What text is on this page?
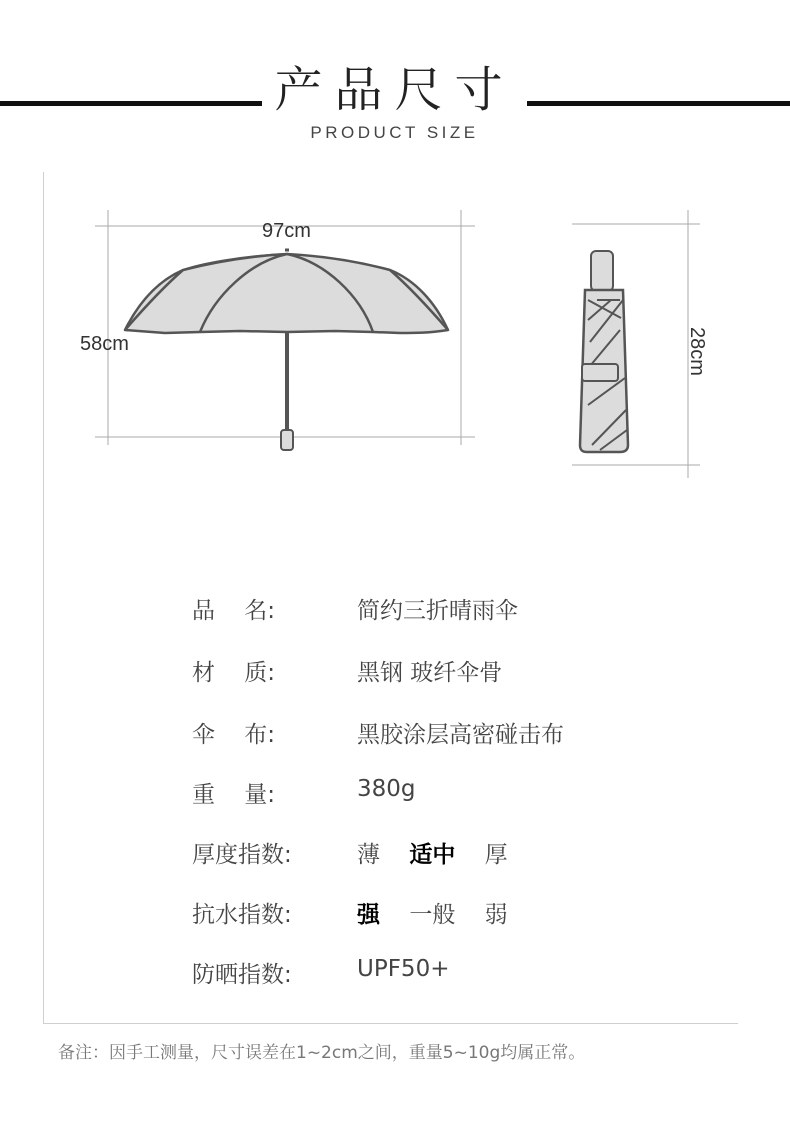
产品尺寸
PRODUCT SIZE
97cm
58cm	28cm
品    名:	简约三折晴雨伞
材    质:	黑钢 玻纤伞骨
伞    布:	黑胶涂层高密碰击布
重    量:	380g
厚度指数:	薄 适中 厚
抗水指数:	强 一般 弱
防晒指数:	UPF50+
备注：因手工测量，尺寸误差在1~2cm之间，重量5~10g均属正常。
